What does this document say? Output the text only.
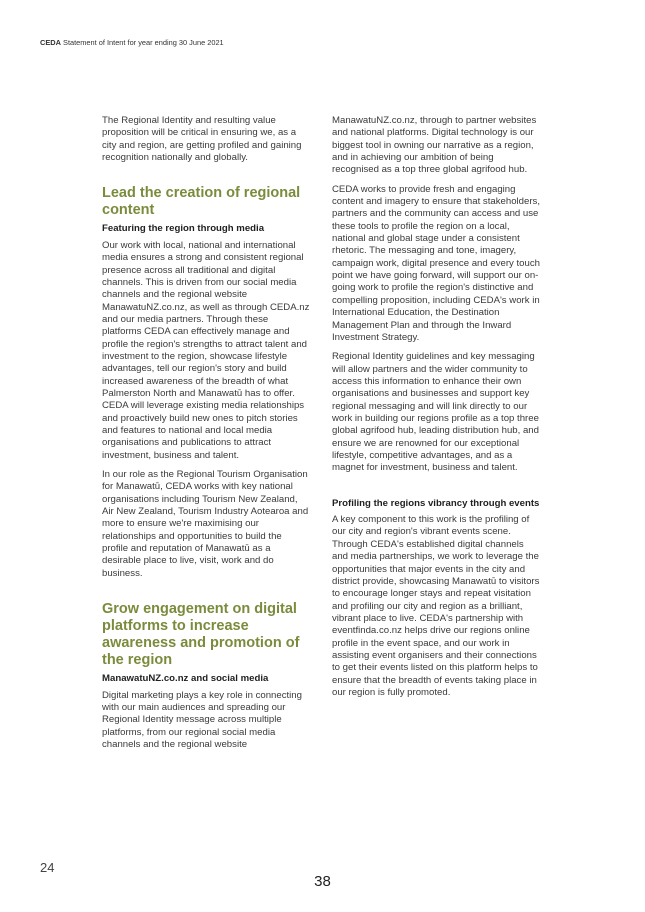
CEDA Statement of Intent for year ending 30 June 2021

The Regional Identity and resulting value proposition will be critical in ensuring we, as a city and region, are getting profiled and gaining recognition nationally and globally.

Lead the creation of regional content
Featuring the region through media

Our work with local, national and international media ensures a strong and consistent regional presence across all traditional and digital channels. This is driven from our social media channels and the regional website ManawatuNZ.co.nz, as well as through CEDA.nz and our media partners. Through these platforms CEDA can effectively manage and profile the region's strengths to attract talent and investment to the region, showcase lifestyle advantages, tell our region's story and build increased awareness of the breadth of what Palmerston North and Manawatū has to offer. CEDA will leverage existing media relationships and proactively build new ones to pitch stories and features to national and local media organisations and publications to attract investment, business and talent.

In our role as the Regional Tourism Organisation for Manawatū, CEDA works with key national organisations including Tourism New Zealand, Air New Zealand, Tourism Industry Aotearoa and more to ensure we're maximising our relationships and opportunities to build the profile and reputation of Manawatū as a desirable place to live, visit, work and do business.

Grow engagement on digital platforms to increase awareness and promotion of the region
ManawatuNZ.co.nz and social media

Digital marketing plays a key role in connecting with our main audiences and spreading our Regional Identity message across multiple platforms, from our regional social media channels and the regional website

ManawatuNZ.co.nz, through to partner websites and national platforms. Digital technology is our biggest tool in owning our narrative as a region, and in achieving our ambition of being recognised as a top three global agrifood hub.

CEDA works to provide fresh and engaging content and imagery to ensure that stakeholders, partners and the community can access and use these tools to profile the region on a local, national and global stage under a consistent rhetoric. The messaging and tone, imagery, campaign work, digital presence and every touch point we have going forward, will support our on-going work to profile the region's distinctive and compelling proposition, including CEDA's work in International Education, the Destination Management Plan and through the Inward Investment Strategy.

Regional Identity guidelines and key messaging will allow partners and the wider community to access this information to enhance their own organisations and businesses and support key regional messaging and will link directly to our work in building our regions profile as a top three global agrifood hub, leading distribution hub, and ensure we are renowned for our exceptional lifestyle, competitive advantages, and as a magnet for investment, business and talent.

Profiling the regions vibrancy through events

A key component to this work is the profiling of our city and region's vibrant events scene. Through CEDA's established digital channels and media partnerships, we work to leverage the opportunities that major events in the city and district provide, showcasing Manawatū to visitors to encourage longer stays and repeat visitation and profiling our city and region as a brilliant, vibrant place to live. CEDA's partnership with eventfinda.co.nz helps drive our regions online profile in the event space, and our work in assisting event organisers and their connections to get their events listed on this platform helps to ensure that the breadth of events taking place in our region is fully promoted.

24
38
